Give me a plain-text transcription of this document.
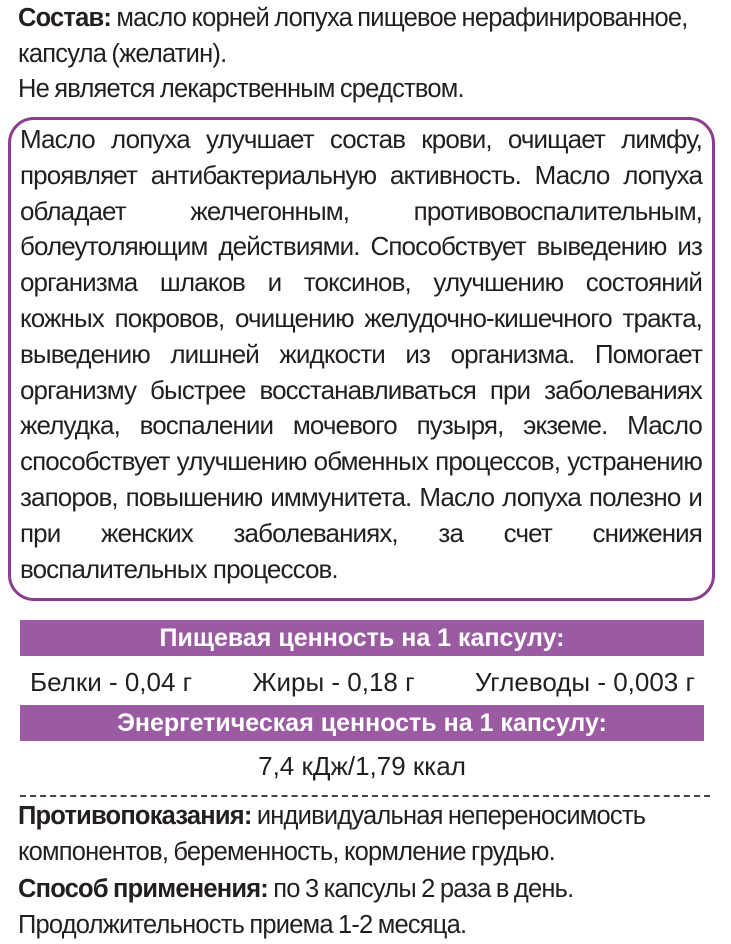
Состав: масло корней лопуха пищевое нерафинированное, капсула (желатин).
Не является лекарственным средством.
Масло лопуха улучшает состав крови, очищает лимфу, проявляет антибактериальную активность. Масло лопуха обладает желчегонным, противовоспалительным, болеутоляющим действиями. Способствует выведению из организма шлаков и токсинов, улучшению состояний кожных покровов, очищению желудочно-кишечного тракта, выведению лишней жидкости из организма. Помогает организму быстрее восстанавливаться при заболеваниях желудка, воспалении мочевого пузыря, экземе. Масло способствует улучшению обменных процессов, устранению запоров, повышению иммунитета. Масло лопуха полезно и при женских заболеваниях, за счет снижения воспалительных процессов.
Пищевая ценность на 1 капсулу:
Белки - 0,04 г Жиры - 0,18 г Углеводы - 0,003 г
Энергетическая ценность на 1 капсулу:
7,4 кДж/1,79 ккал
Противопоказания: индивидуальная непереносимость компонентов, беременность, кормление грудью.
Способ применения: по 3 капсулы 2 раза в день. Продолжительность приема 1-2 месяца.
